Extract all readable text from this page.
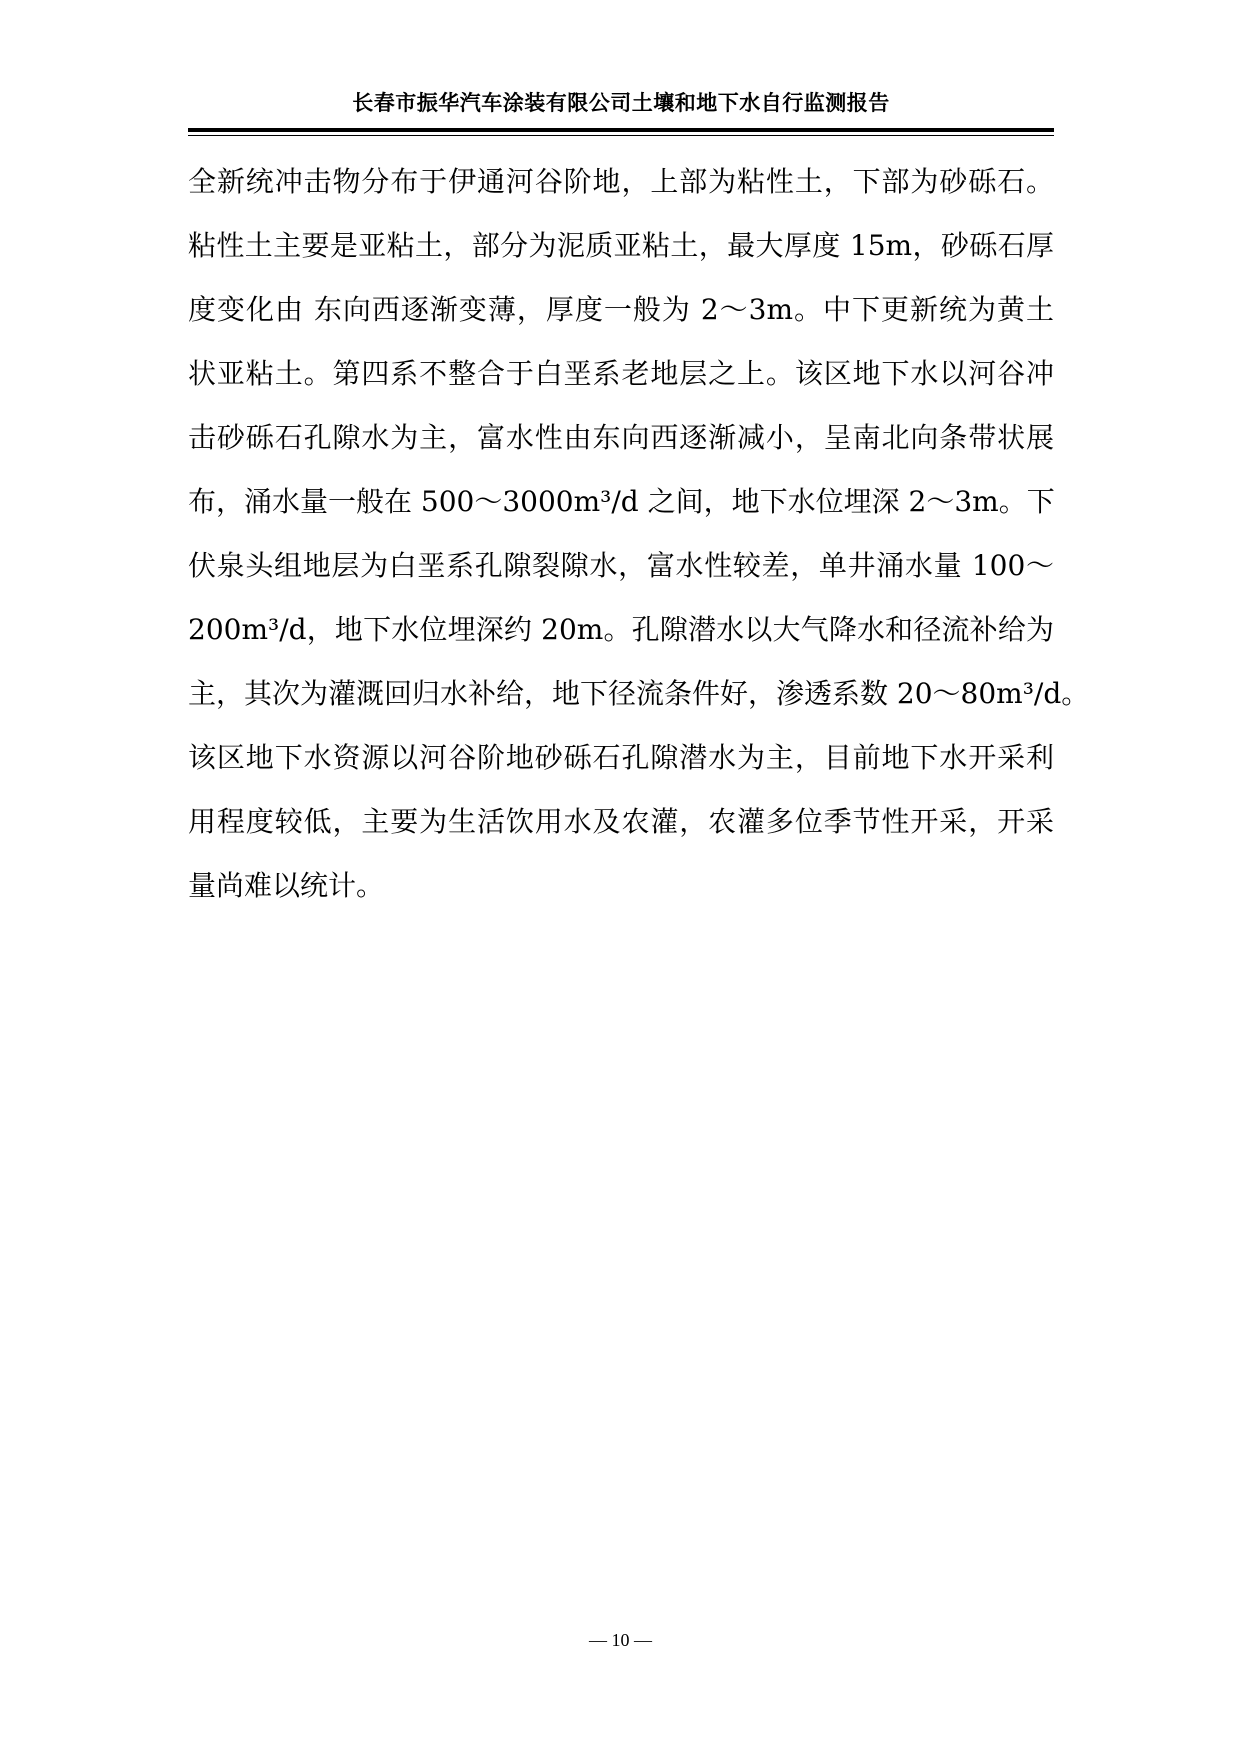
长春市振华汽车涂装有限公司土壤和地下水自行监测报告
全新统冲击物分布于伊通河谷阶地，上部为粘性土，下部为砂砾石。
粘性土主要是亚粘土，部分为泥质亚粘土，最大厚度 15m，砂砾石厚
度变化由 东向西逐渐变薄，厚度一般为 2～3m。中下更新统为黄土
状亚粘土。第四系不整合于白垩系老地层之上。该区地下水以河谷冲
击砂砾石孔隙水为主，富水性由东向西逐渐减小，呈南北向条带状展
布，涌水量一般在 500～3000m³/d 之间，地下水位埋深 2～3m。下
伏泉头组地层为白垩系孔隙裂隙水，富水性较差，单井涌水量 100～
200m³/d，地下水位埋深约 20m。孔隙潜水以大气降水和径流补给为
主，其次为灌溉回归水补给，地下径流条件好，渗透系数 20～80m³/d。
该区地下水资源以河谷阶地砂砾石孔隙潜水为主，目前地下水开采利
用程度较低，主要为生活饮用水及农灌，农灌多位季节性开采，开采
量尚难以统计。
— 10 —
